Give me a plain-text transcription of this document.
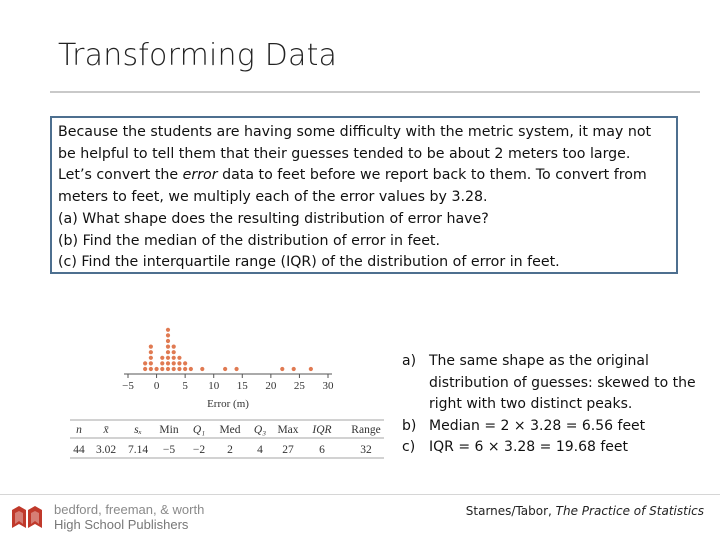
Transforming Data
Because the students are having some difficulty with the metric system, it may not
be helpful to tell them that their guesses tended to be about 2 meters too large.
Let’s convert the error data to feet before we report back to them. To convert from
meters to feet, we multiply each of the error values by 3.28.
(a) What shape does the resulting distribution of error have?
(b) Find the median of the distribution of error in feet.
(c) Find the interquartile range (IQR) of the distribution of error in feet.
−5 0 5 10 15 20 25 30
Error (m)
n x̄ sₓ Min Q₁ Med Q₃ Max IQR Range
44 3.02 7.14 −5 −2 2 4 27 6	32
a) The same shape as the original distribution of guesses: skewed to the right with two distinct peaks.
b) Median = 2 × 3.28 = 6.56 feet
c) IQR = 6 × 3.28 = 19.68 feet
bedford, freeman, & worth
High School Publishers
Starnes/Tabor, The Practice of Statistics
